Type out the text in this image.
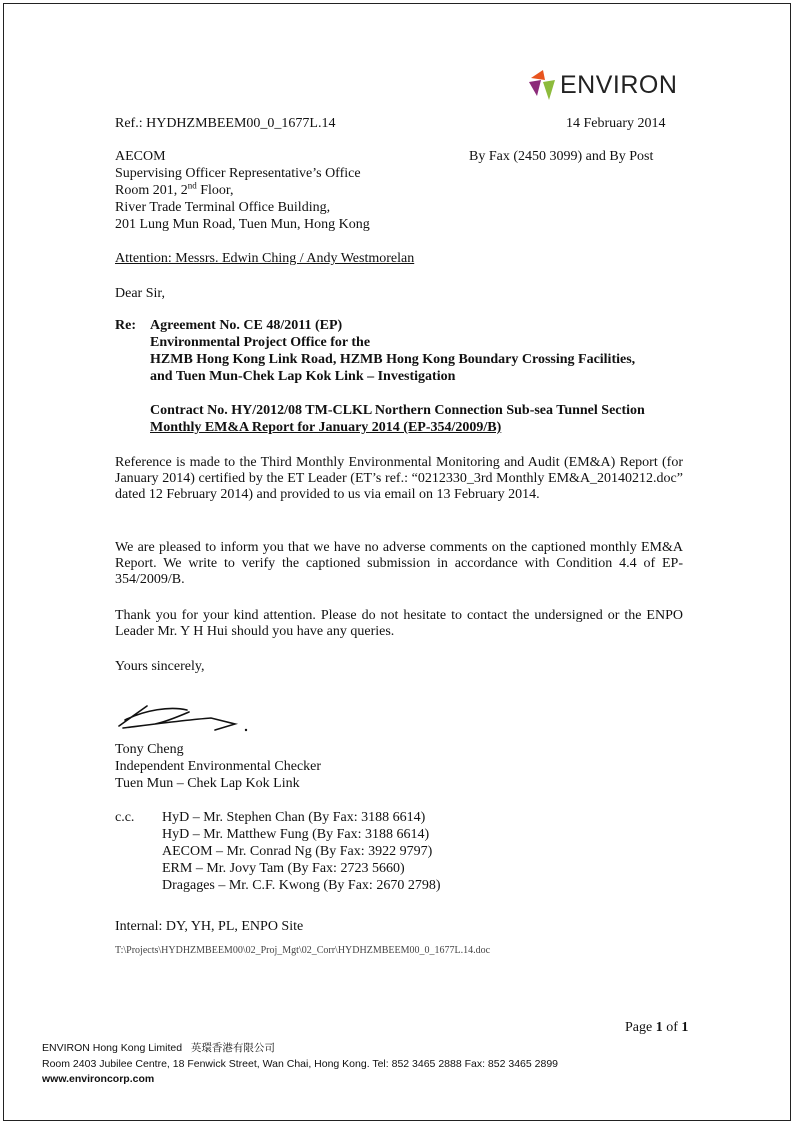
ENVIRON
Ref.: HYDHZMBEEM00_0_1677L.14	14 February 2014
AECOM	By Fax (2450 3099) and By Post
Supervising Officer Representative’s Office
Room 201, 2nd Floor,
River Trade Terminal Office Building,
201 Lung Mun Road, Tuen Mun, Hong Kong
Attention: Messrs. Edwin Ching / Andy Westmorelan
Dear Sir,
Re: Agreement No. CE 48/2011 (EP)
Environmental Project Office for the
HZMB Hong Kong Link Road, HZMB Hong Kong Boundary Crossing Facilities,
and Tuen Mun-Chek Lap Kok Link – Investigation
Contract No. HY/2012/08 TM-CLKL Northern Connection Sub-sea Tunnel Section
Monthly EM&A Report for January 2014 (EP-354/2009/B)
Reference is made to the Third Monthly Environmental Monitoring and Audit (EM&A) Report (for January 2014) certified by the ET Leader (ET’s ref.: “0212330_3rd Monthly EM&A_20140212.doc” dated 12 February 2014) and provided to us via email on 13 February 2014.
We are pleased to inform you that we have no adverse comments on the captioned monthly EM&A Report. We write to verify the captioned submission in accordance with Condition 4.4 of EP-354/2009/B.
Thank you for your kind attention. Please do not hesitate to contact the undersigned or the ENPO Leader Mr. Y H Hui should you have any queries.
Yours sincerely,
Tony Cheng
Independent Environmental Checker
Tuen Mun – Chek Lap Kok Link
c.c. HyD – Mr. Stephen Chan (By Fax: 3188 6614)
HyD – Mr. Matthew Fung (By Fax: 3188 6614)
AECOM – Mr. Conrad Ng (By Fax: 3922 9797)
ERM – Mr. Jovy Tam (By Fax: 2723 5660)
Dragages – Mr. C.F. Kwong (By Fax: 2670 2798)
Internal: DY, YH, PL, ENPO Site
T:\Projects\HYDHZMBEEM00\02_Proj_Mgt\02_Corr\HYDHZMBEEM00_0_1677L.14.doc
Page 1 of 1
ENVIRON Hong Kong Limited 英環香港有限公司
Room 2403 Jubilee Centre, 18 Fenwick Street, Wan Chai, Hong Kong. Tel: 852 3465 2888 Fax: 852 3465 2899
www.environcorp.com
